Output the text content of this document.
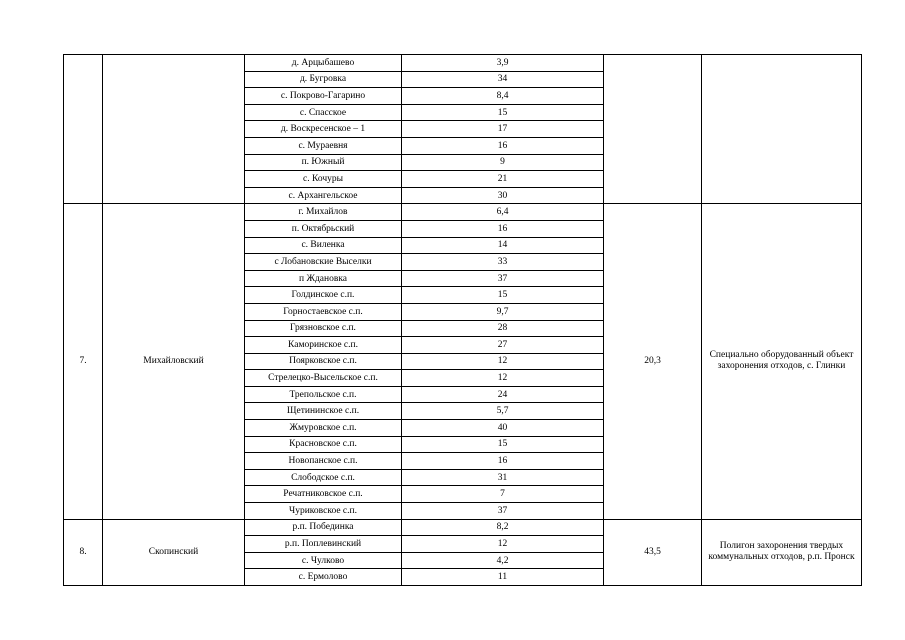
		д. Арцыбашево	3,9		
		д. Бугровка	34		
		с. Покрово-Гагарино	8,4		
		с. Спасское	15		
		д. Воскресенское – 1	17		
		с. Мураевня	16		
		п. Южный	9		
		с. Кочуры	21		
		с. Архангельское	30		
7.	Михайловский	г. Михайлов	6,4	20,3	Специально оборудованный объект захоронения отходов, с. Глинки
		п. Октябрьский	16		
		с. Виленка	14		
		с Лобановские Выселки	33		
		п Ждановка	37		
		Голдинское с.п.	15		
		Горностаевское с.п.	9,7		
		Грязновское с.п.	28		
		Каморинское с.п.	27		
		Поярковское с.п.	12		
		Стрелецко-Высельское с.п.	12		
		Трепольское с.п.	24		
		Щетининское с.п.	5,7		
		Жмуровское с.п.	40		
		Красновское с.п.	15		
		Новопанское с.п.	16		
		Слободское с.п.	31		
		Речатниковское с.п.	7		
		Чуриковское с.п.	37		
8.	Скопинский	р.п. Побединка	8,2	43,5	Полигон захоронения твердых коммунальных отходов, р.п. Пронск
		р.п. Поплевинский	12		
		с. Чулково	4,2		
		с. Ермолово	11		
